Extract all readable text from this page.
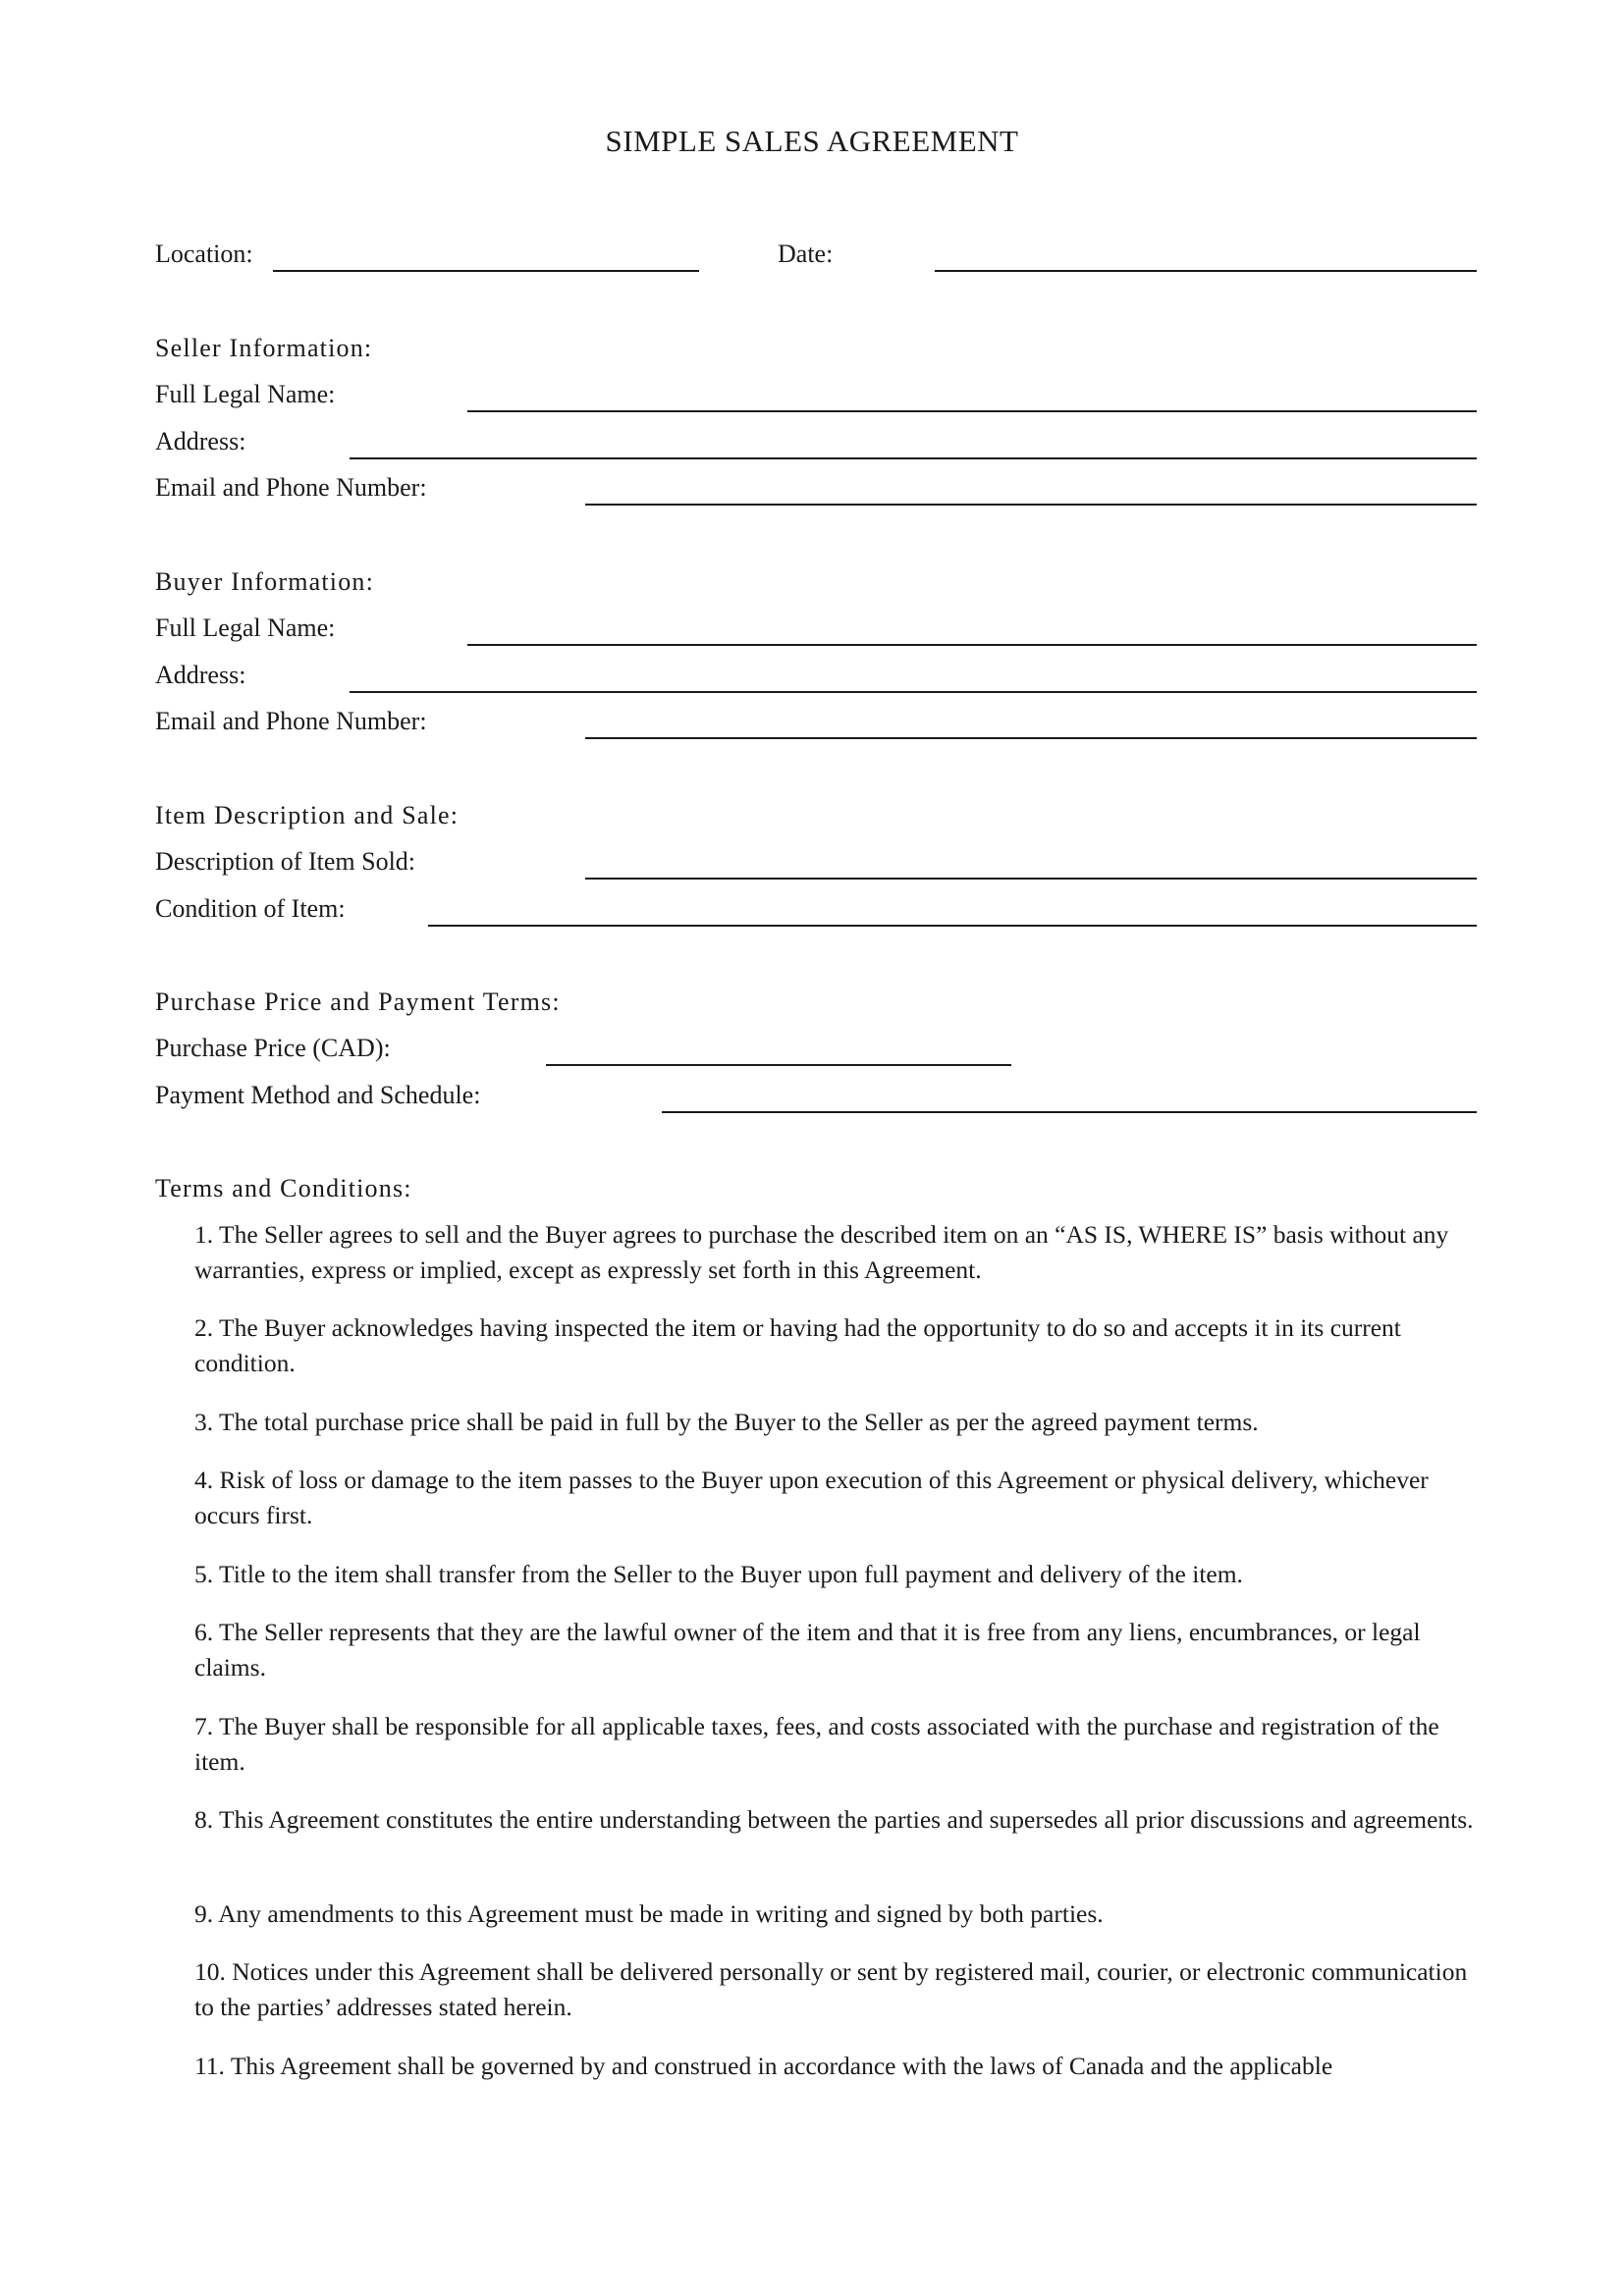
SIMPLE SALES AGREEMENT
Location:	Date:
Seller Information:
Full Legal Name:
Address:
Email and Phone Number:
Buyer Information:
Full Legal Name:
Address:
Email and Phone Number:
Item Description and Sale:
Description of Item Sold:
Condition of Item:
Purchase Price and Payment Terms:
Purchase Price (CAD):
Payment Method and Schedule:
Terms and Conditions:
1. The Seller agrees to sell and the Buyer agrees to purchase the described item on an “AS IS, WHERE IS” basis without any warranties, express or implied, except as expressly set forth in this Agreement.
2. The Buyer acknowledges having inspected the item or having had the opportunity to do so and accepts it in its current condition.
3. The total purchase price shall be paid in full by the Buyer to the Seller as per the agreed payment terms.
4. Risk of loss or damage to the item passes to the Buyer upon execution of this Agreement or physical delivery, whichever occurs first.
5. Title to the item shall transfer from the Seller to the Buyer upon full payment and delivery of the item.
6. The Seller represents that they are the lawful owner of the item and that it is free from any liens, encumbrances, or legal claims.
7. The Buyer shall be responsible for all applicable taxes, fees, and costs associated with the purchase and registration of the item.
8. This Agreement constitutes the entire understanding between the parties and supersedes all prior discussions and agreements.
9. Any amendments to this Agreement must be made in writing and signed by both parties.
10. Notices under this Agreement shall be delivered personally or sent by registered mail, courier, or electronic communication to the parties’ addresses stated herein.
11. This Agreement shall be governed by and construed in accordance with the laws of Canada and the applicable
